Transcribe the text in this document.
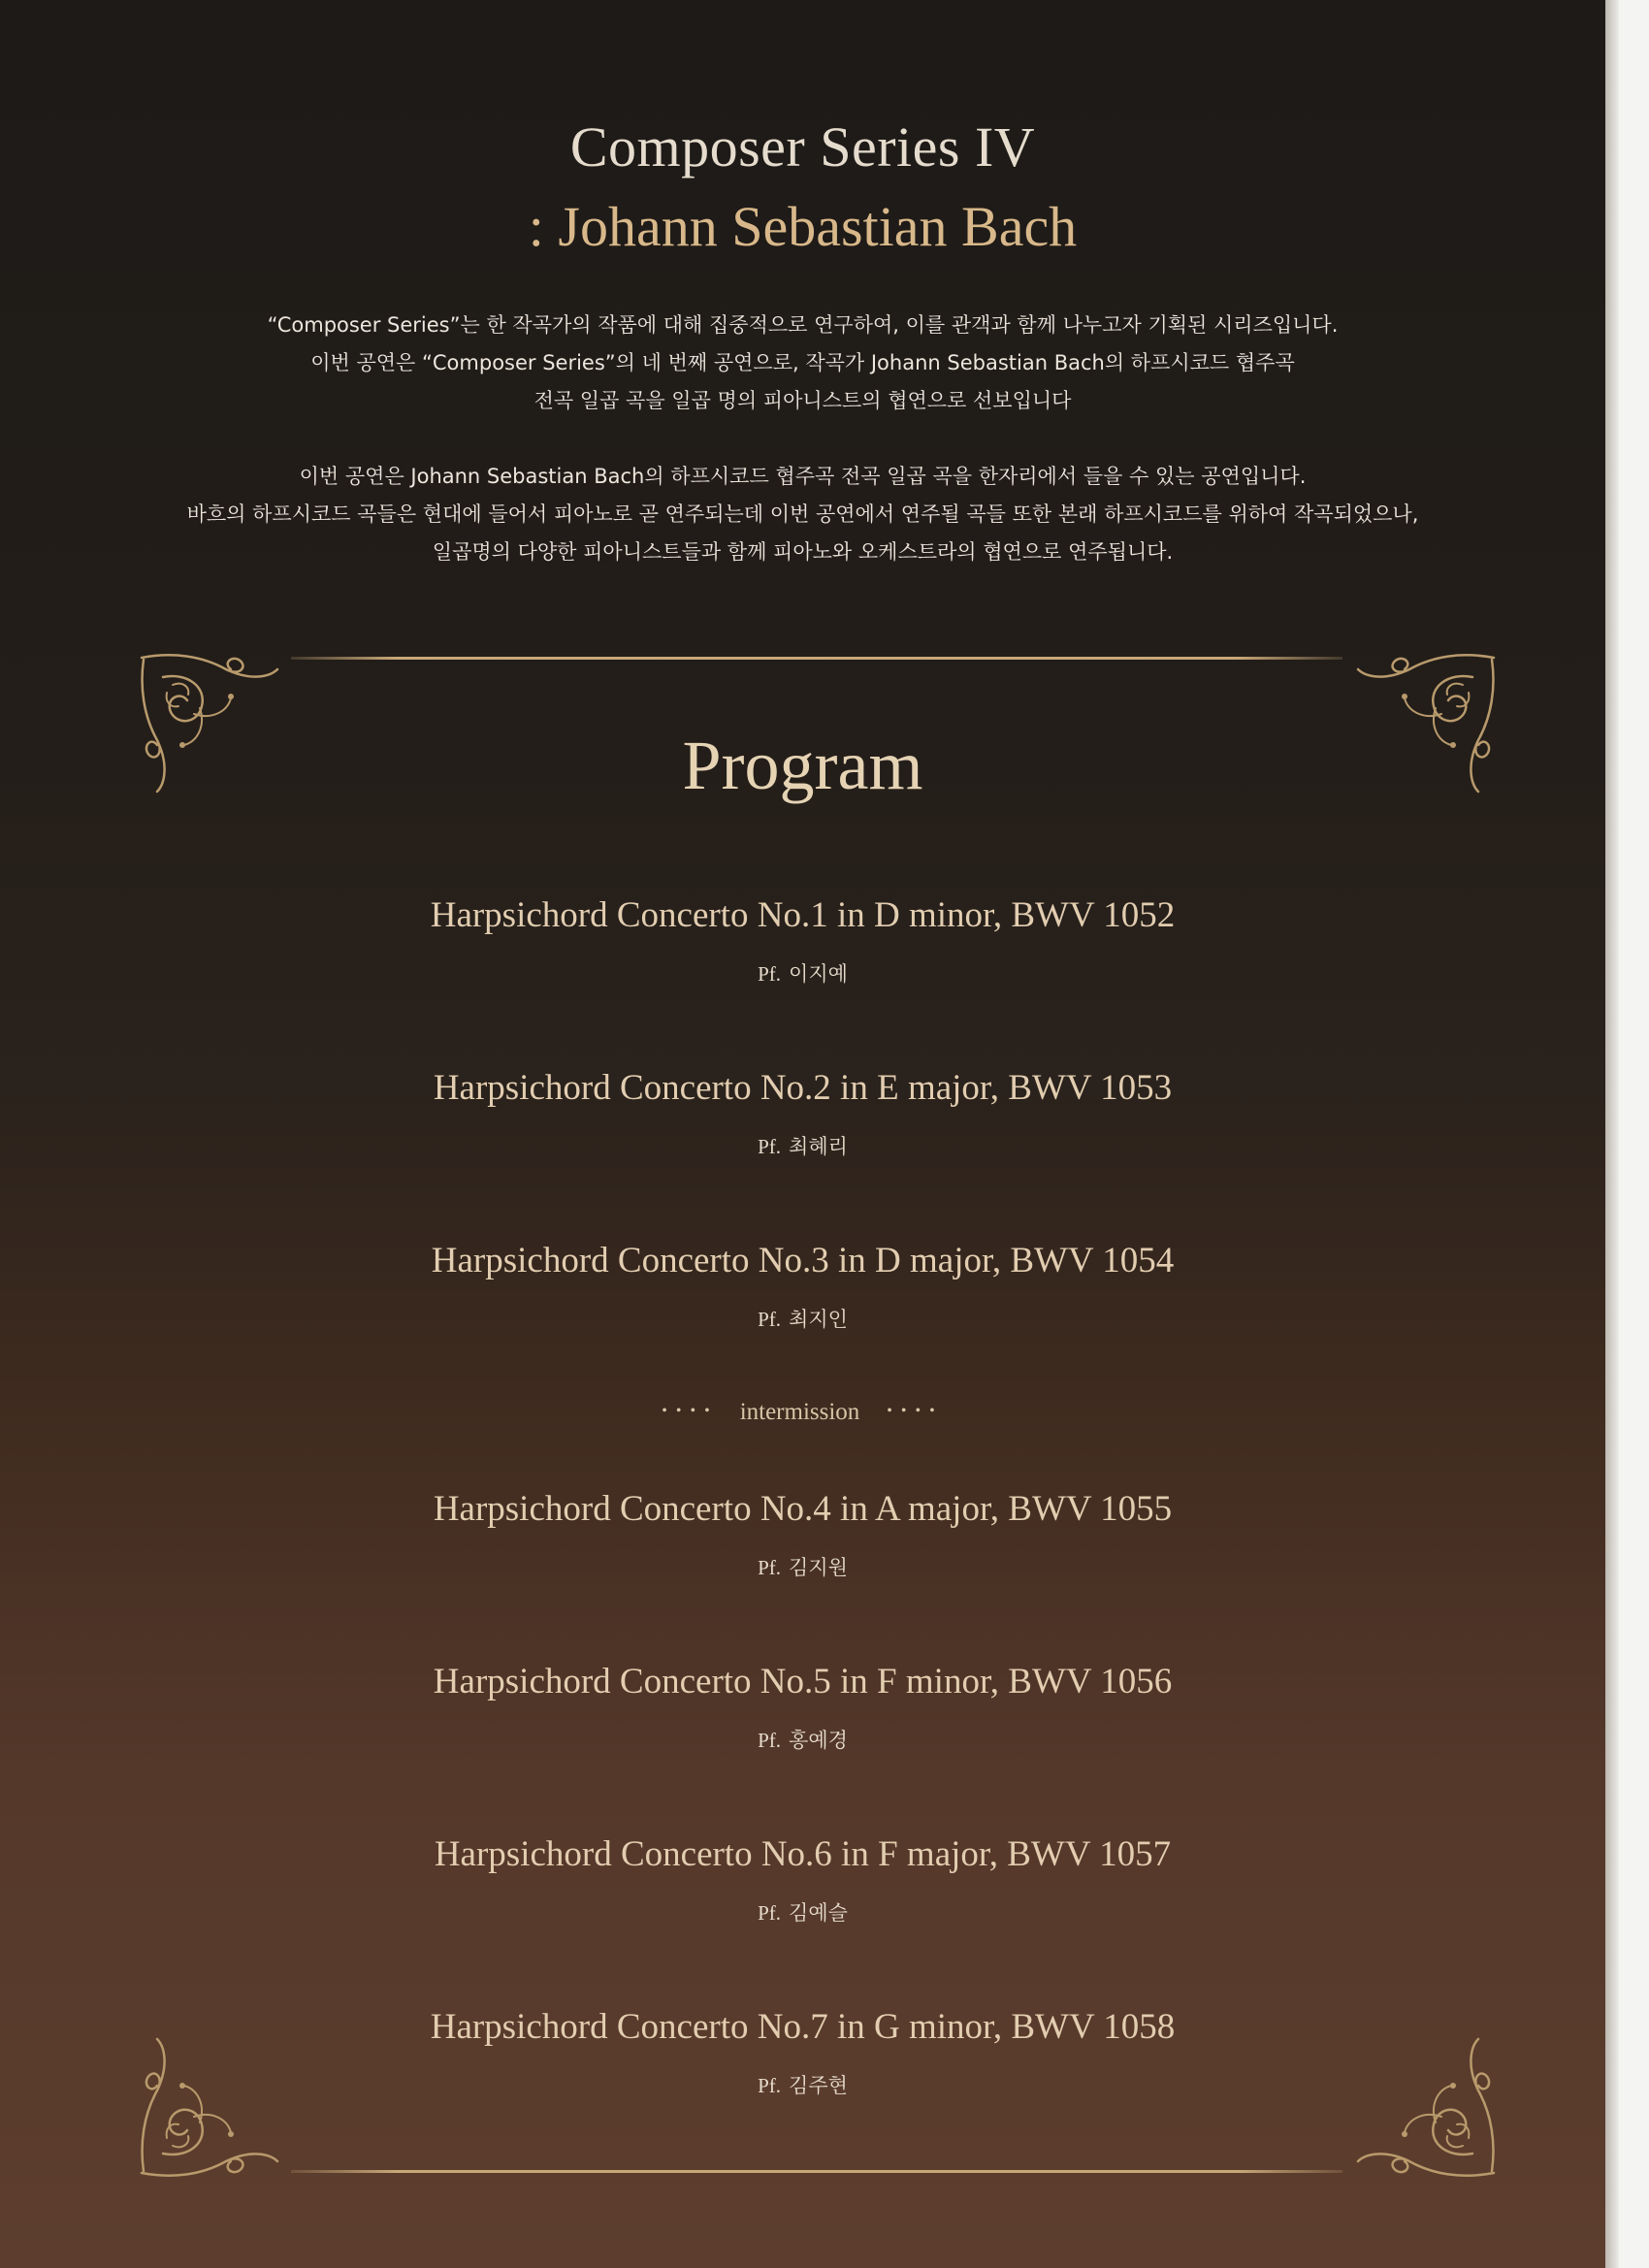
Composer Series IV
: Johann Sebastian Bach

“Composer Series”는 한 작곡가의 작품에 대해 집중적으로 연구하여, 이를 관객과 함께 나누고자 기획된 시리즈입니다.

이번 공연은 “Composer Series”의 네 번째 공연으로, 작곡가 Johann Sebastian Bach의 하프시코드 협주곡

전곡 일곱 곡을 일곱 명의 피아니스트의 협연으로 선보입니다

이번 공연은 Johann Sebastian Bach의 하프시코드 협주곡 전곡 일곱 곡을 한자리에서 들을 수 있는 공연입니다.

바흐의 하프시코드 곡들은 현대에 들어서 피아노로 곧 연주되는데 이번 공연에서 연주될 곡들 또한 본래 하프시코드를 위하여 작곡되었으나,

일곱명의 다양한 피아니스트들과 함께 피아노와 오케스트라의 협연으로 연주됩니다.

Program
Harpsichord Concerto No.1 in D minor, BWV 1052
Pf. 이지예
Harpsichord Concerto No.2 in E major, BWV 1053
Pf. 최혜리
Harpsichord Concerto No.3 in D major, BWV 1054
Pf. 최지인
•••• intermission ••••
Harpsichord Concerto No.4 in A major, BWV 1055
Pf. 김지원
Harpsichord Concerto No.5 in F minor, BWV 1056
Pf. 홍예경
Harpsichord Concerto No.6 in F major, BWV 1057
Pf. 김예슬
Harpsichord Concerto No.7 in G minor, BWV 1058
Pf. 김주현
